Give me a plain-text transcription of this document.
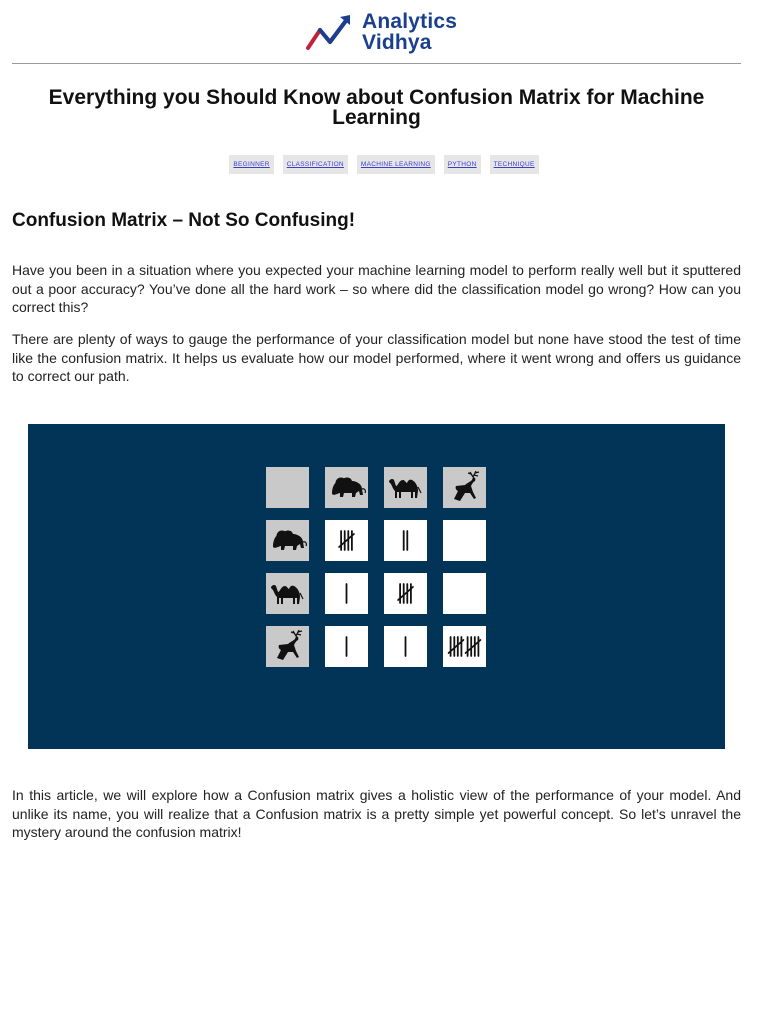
Analytics
Vidhya
Everything you Should Know about Confusion Matrix for Machine Learning
BEGINNER	CLASSIFICATION	MACHINE LEARNING	PYTHON	TECHNIQUE
Confusion Matrix – Not So Confusing!

Have you been in a situation where you expected your machine learning model to perform really well but it sputtered out a poor accuracy? You’ve done all the hard work – so where did the classification model go wrong? How can you correct this?

There are plenty of ways to gauge the performance of your classification model but none have stood the test of time like the confusion matrix. It helps us evaluate how our model performed, where it went wrong and offers us guidance to correct our path.

In this article, we will explore how a Confusion matrix gives a holistic view of the performance of your model. And unlike its name, you will realize that a Confusion matrix is a pretty simple yet powerful concept. So let’s unravel the mystery around the confusion matrix!
